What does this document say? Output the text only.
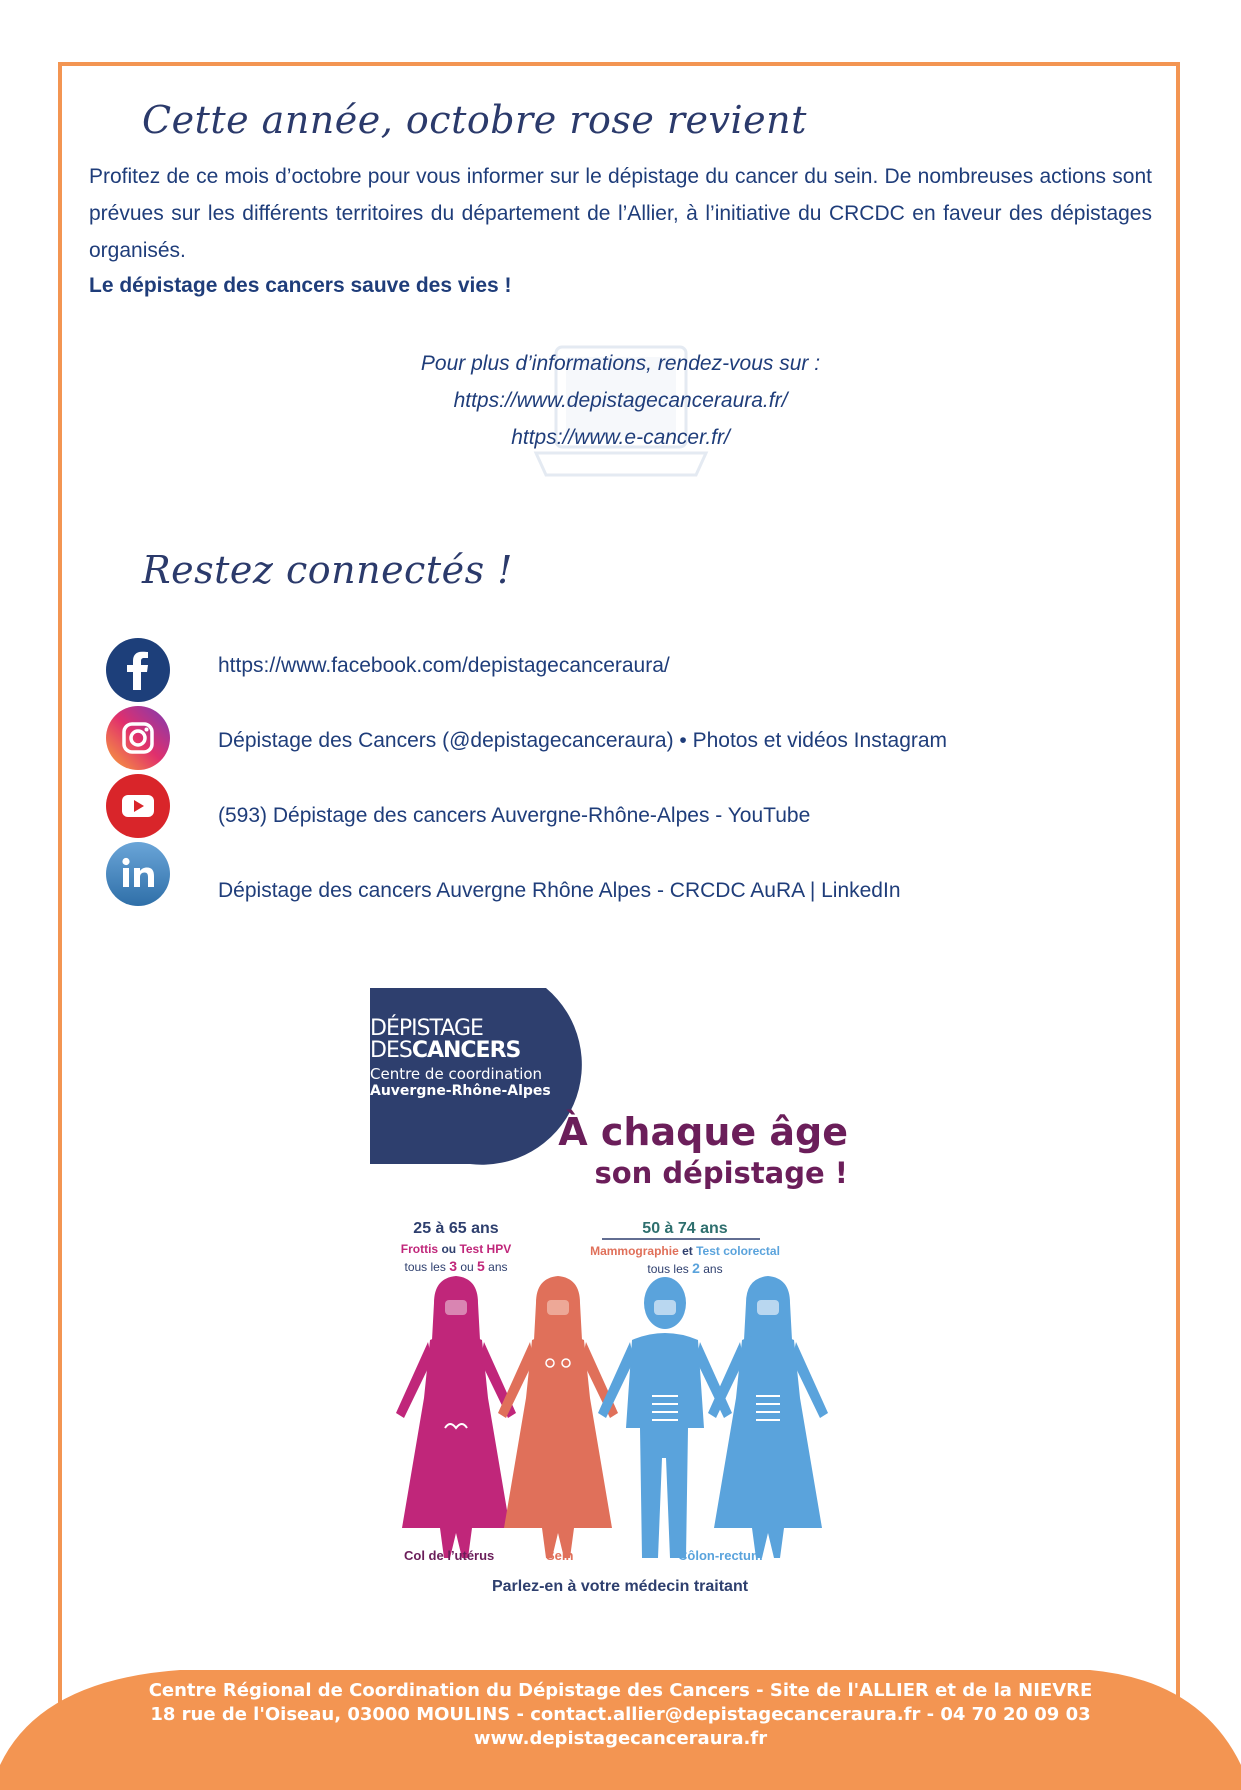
Cette année, octobre rose revient

Profitez de ce mois d’octobre pour vous informer sur le dépistage du cancer du sein. De nombreuses actions sont prévues sur les différents territoires du département de l’Allier, à l’initiative du CRCDC en faveur des dépistages organisés.

Le dépistage des cancers sauve des vies !
Pour plus d’informations, rendez-vous sur :
https://www.depistagecanceraura.fr/
https://www.e-cancer.fr/
Restez connectés !
https://www.facebook.com/depistagecanceraura/
Dépistage des Cancers (@depistagecanceraura) • Photos et vidéos Instagram
(593) Dépistage des cancers Auvergne-Rhône-Alpes - YouTube
Dépistage des cancers Auvergne Rhône Alpes - CRCDC AuRA | LinkedIn
DÉPISTAGE
DESCANCERS
Centre de coordination
Auvergne-Rhône-Alpes
À chaque âge
son dépistage !
25 à 65 ans
Frottis ou Test HPV
tous les 3 ou 5 ans
50 à 74 ans
Mammographie et Test colorectal
tous les 2 ans
Col de l’utérus	Sein	Côlon-rectum
Parlez-en à votre médecin traitant
Centre Régional de Coordination du Dépistage des Cancers - Site de l'ALLIER et de la NIEVRE
18 rue de l'Oiseau, 03000 MOULINS - contact.allier@depistagecanceraura.fr - 04 70 20 09 03
www.depistagecanceraura.fr
